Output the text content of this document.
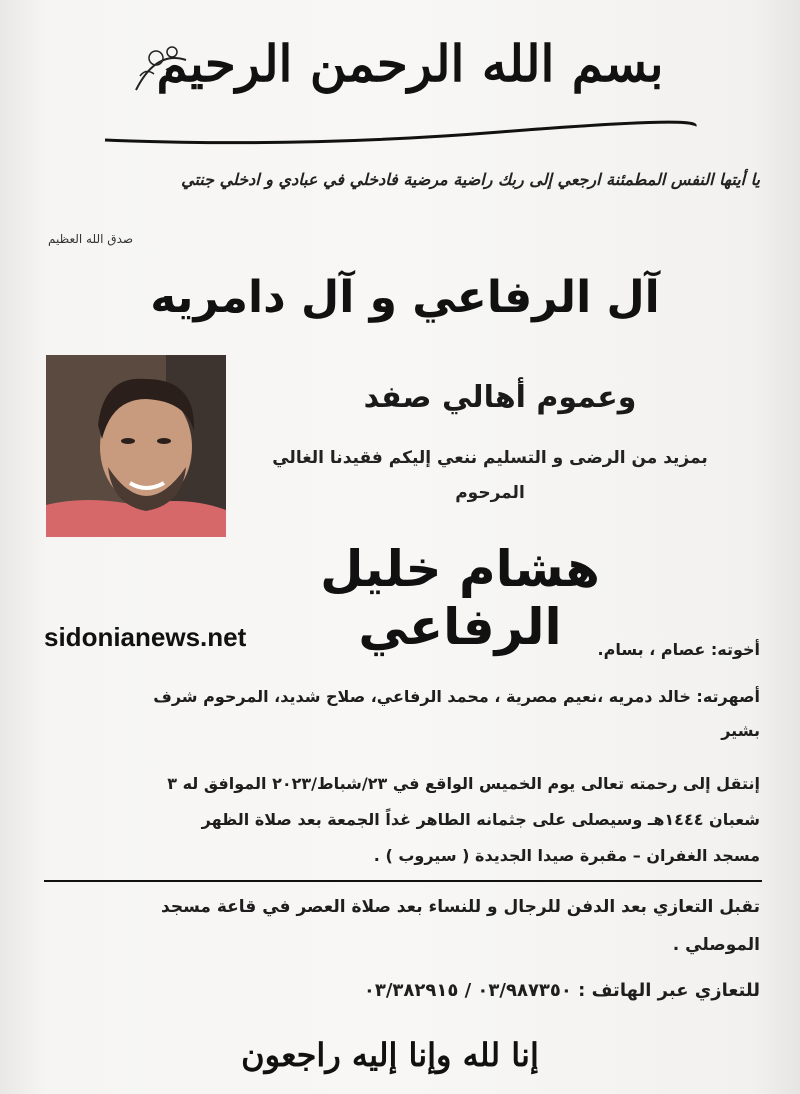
بسم الله الرحمن الرحيم
يا أيتها النفس المطمئنة ارجعي إلى ربك راضية مرضية فادخلي في عبادي و ادخلي جنتي
صدق الله العظيم
آل الرفاعي و آل دامريه
وعموم أهالي صفد
بمزيد من الرضى و التسليم ننعي إليكم فقيدنا الغالي
المرحوم
هشام خليل الرفاعي
sidonianews.net	أخوته: عصام ، بسام.
أصهرته: خالد دمريه ،نعيم مصرية ، محمد الرفاعي، صلاح شديد، المرحوم شرف
بشير
إنتقل إلى رحمته تعالى يوم الخميس الواقع في ٢٣/شباط/٢٠٢٣ الموافق له ٣
شعبان ١٤٤٤هـ وسيصلى على جثمانه الطاهر غداً الجمعة بعد صلاة الظهر
مسجد الغفران – مقبرة صيدا الجديدة ( سيروب ) .
تقبل التعازي بعد الدفن للرجال و للنساء بعد صلاة العصر في قاعة مسجد
الموصلي .
للتعازي عبر الهاتف : ٠٣/٩٨٧٣٥٠ / ٠٣/٣٨٢٩١٥
إنا لله وإنا إليه راجعون
